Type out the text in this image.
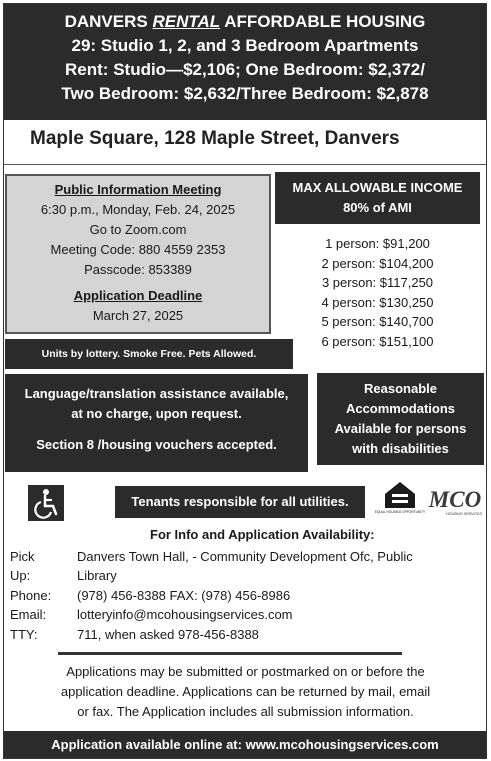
DANVERS RENTAL AFFORDABLE HOUSING
29: Studio 1, 2, and 3 Bedroom Apartments
Rent: Studio—$2,106; One Bedroom: $2,372/
Two Bedroom: $2,632/Three Bedroom: $2,878
Maple Square, 128 Maple Street, Danvers
Public Information Meeting
6:30 p.m., Monday, Feb. 24, 2025
Go to Zoom.com
Meeting Code: 880 4559 2353
Passcode: 853389
Application Deadline
March 27, 2025
MAX ALLOWABLE INCOME
80% of AMI
1 person: $91,200
2 person: $104,200
3 person: $117,250
4 person: $130,250
5 person: $140,700
6 person: $151,100
Units by lottery. Smoke Free. Pets Allowed.
Language/translation assistance available,
at no charge, upon request.
Section 8 /housing vouchers accepted.
Reasonable
Accommodations
Available for persons
with disabilities
Tenants responsible for all utilities.
EQUAL HOUSING OPPORTUNITY MCO
HOUSING SERVICES
For Info and Application Availability:
Pick Up:
Danvers Town Hall, - Community Development Ofc, Public
Library
Phone: (978) 456-8388 FAX: (978) 456-8986
Email: lotteryinfo@mcohousingservices.com
TTY:	711, when asked 978-456-8388
Applications may be submitted or postmarked on or before the
application deadline. Applications can be returned by mail, email
or fax. The Application includes all submission information.
Application available online at: www.mcohousingservices.com
